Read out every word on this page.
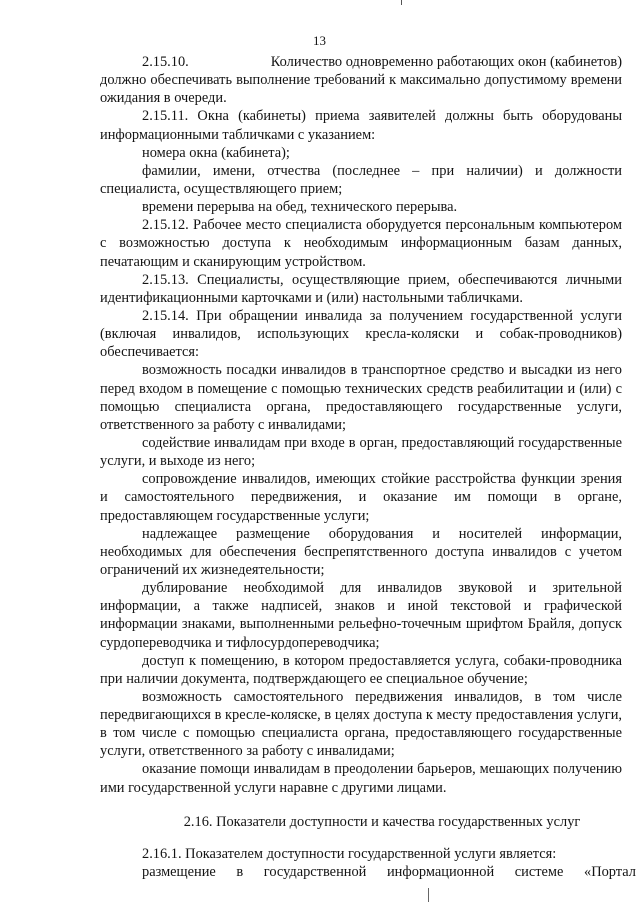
13

2.15.10.	Количество одновременно работающих окон (кабинетов) должно обеспечивать выполнение требований к максимально допустимому времени ожидания в очереди.

2.15.11. Окна (кабинеты) приема заявителей должны быть оборудованы информационными табличками с указанием:

номера окна (кабинета);

фамилии, имени, отчества (последнее – при наличии) и должности специалиста, осуществляющего прием;

времени перерыва на обед, технического перерыва.

2.15.12. Рабочее место специалиста оборудуется персональным компьютером с возможностью доступа к необходимым информационным базам данных, печатающим и сканирующим устройством.

2.15.13. Специалисты, осуществляющие прием, обеспечиваются личными идентификационными карточками и (или) настольными табличками.

2.15.14. При обращении инвалида за получением государственной услуги (включая инвалидов, использующих кресла-коляски и собак-проводников) обеспечивается:

возможность посадки инвалидов в транспортное средство и высадки из него перед входом в помещение с помощью технических средств реабилитации и (или) с помощью специалиста органа, предоставляющего государственные услуги, ответственного за работу с инвалидами;

содействие инвалидам при входе в орган, предоставляющий государственные услуги, и выходе из него;

сопровождение инвалидов, имеющих стойкие расстройства функции зрения и самостоятельного передвижения, и оказание им помощи в органе, предоставляющем государственные услуги;

надлежащее размещение оборудования и носителей информации, необходимых для обеспечения беспрепятственного доступа инвалидов с учетом ограничений их жизнедеятельности;

дублирование необходимой для инвалидов звуковой и зрительной информации, а также надписей, знаков и иной текстовой и графической информации знаками, выполненными рельефно-точечным шрифтом Брайля, допуск сурдопереводчика и тифлосурдопереводчика;

доступ к помещению, в котором предоставляется услуга, собаки-проводника при наличии документа, подтверждающего ее специальное обучение;

возможность самостоятельного передвижения инвалидов, в том числе передвигающихся в кресле-коляске, в целях доступа к месту предоставления услуги, в том числе с помощью специалиста органа, предоставляющего государственные услуги, ответственного за работу с инвалидами;

оказание помощи инвалидам в преодолении барьеров, мешающих получению ими государственной услуги наравне с другими лицами.

2.16. Показатели доступности и качества государственных услуг

2.16.1. Показателем доступности государственной услуги является:

размещение в государственной информационной системе «Портал
